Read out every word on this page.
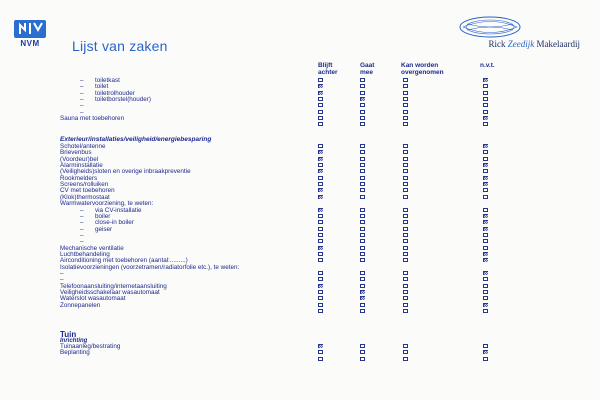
NVM	Lijst van zaken	Rick Zeedijk Makelaardij
Blijft achter
Gaat mee
Kan worden overgenomen
n.v.t.
– toiletkast
– toilet
– toiletrolhouder
– toiletborstel(houder)
–
–
Sauna met toebehoren
Exterieur/installaties/veiligheid/energiebesparing
Schotel/antenne
Brievenbus
(Voordeur)bel
Alarminstallatie
(Veiligheids)sloten en overige inbraakpreventie
Rookmelders
Screens/rolluiken
CV met toebehoren
(Klok)thermostaat
Warmwatervoorziening, te weten:
– via CV-installatie
– boiler
– close-in boiler
– geiser
–
–
Mechanische ventilatie
Luchtbehandeling
Airconditioning met toebehoren (aantal:.........)
Isolatievoorzieningen (voorzetramen/radiatorfolie etc.), te weten:
–
–
Telefoonaansluiting/internetaansluiting
Veiligheidsschakelaar wasautomaat
Waterslot wasautomaat
Zonnepanelen
Tuin
Inrichting
Tuinaanleg/bestrating
Beplanting
